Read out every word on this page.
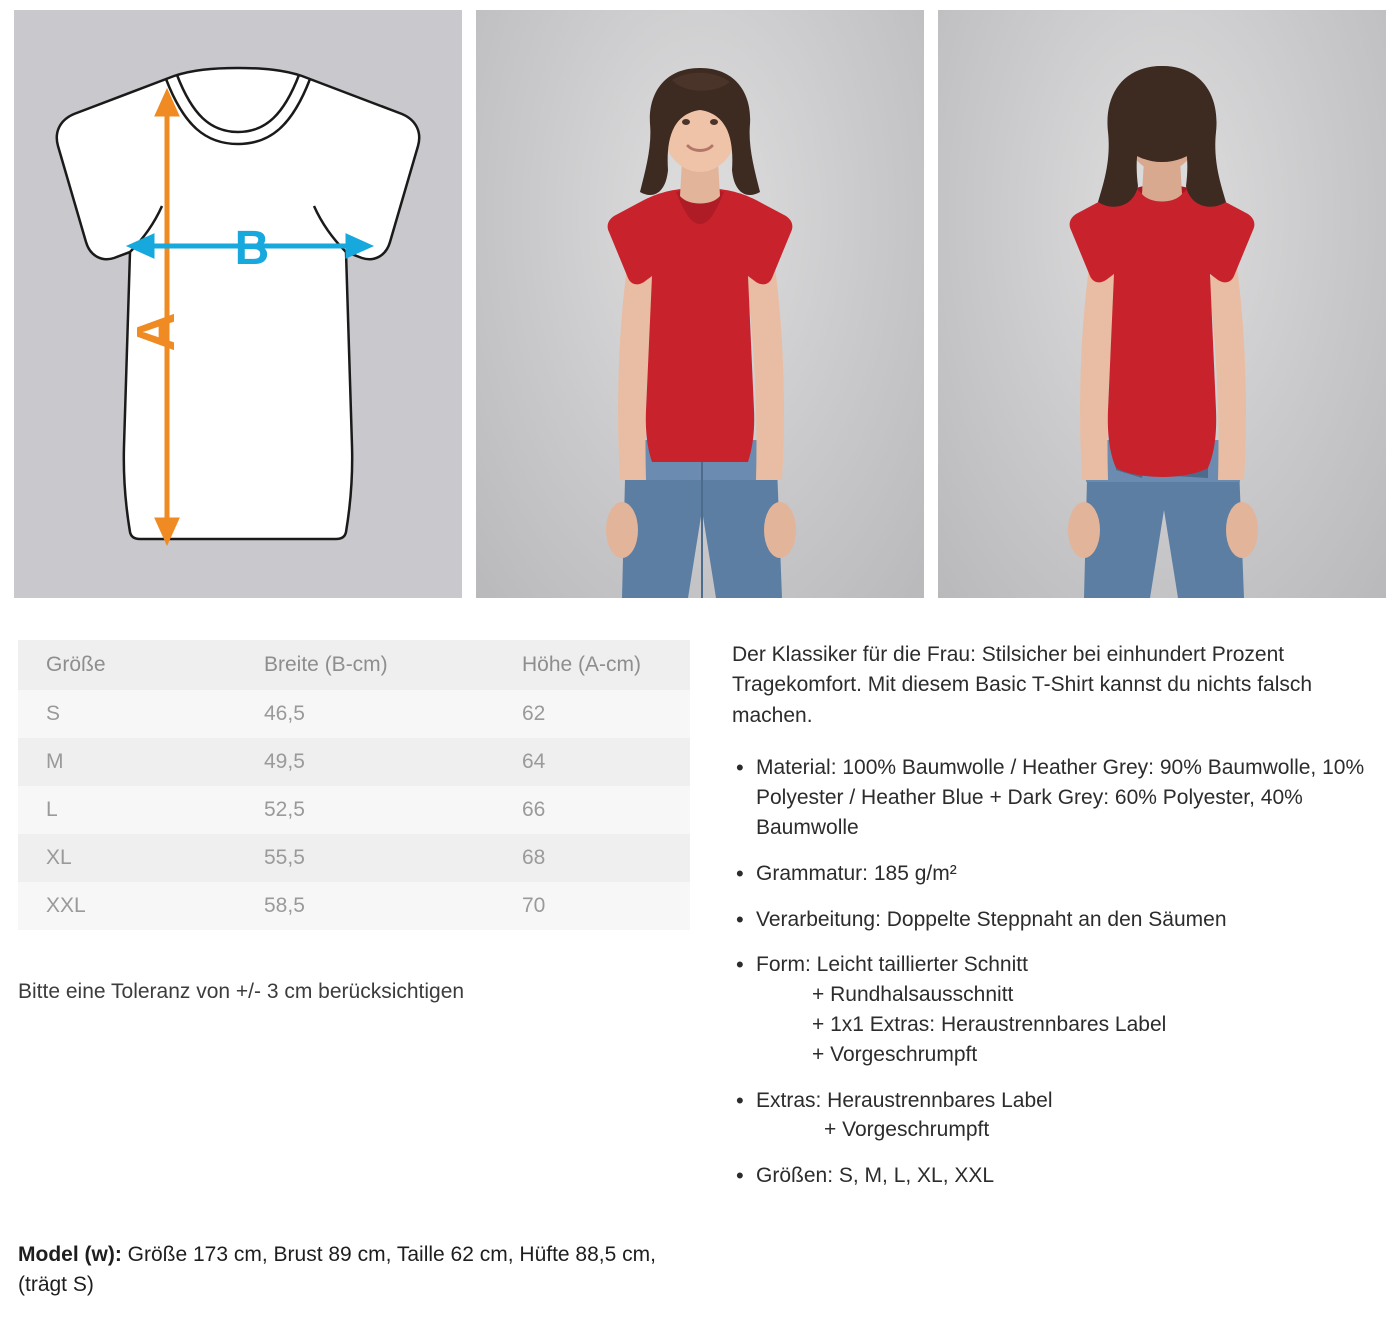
A
B
Größe	Breite (B-cm)	Höhe (A-cm)
S	46,5	62
M	49,5	64
L	52,5	66
XL	55,5	68
XXL	58,5	70
Bitte eine Toleranz von +/- 3 cm berücksichtigen
Model (w): Größe 173 cm, Brust 89 cm, Taille 62 cm, Hüfte 88,5 cm, (trägt S)

Der Klassiker für die Frau: Stilsicher bei einhundert Prozent Tragekomfort. Mit diesem Basic T-Shirt kannst du nichts falsch machen.

• Material: 100% Baumwolle / Heather Grey: 90% Baumwolle, 10% Polyester / Heather Blue + Dark Grey: 60% Polyester, 40% Baumwolle
• Grammatur: 185 g/m²
• Verarbeitung: Doppelte Steppnaht an den Säumen
• Form: Leicht taillierter Schnitt
+ Rundhalsausschnitt
+ 1x1 Extras: Heraustrennbares Label
+ Vorgeschrumpft
• Extras: Heraustrennbares Label
+ Vorgeschrumpft
• Größen: S, M, L, XL, XXL
